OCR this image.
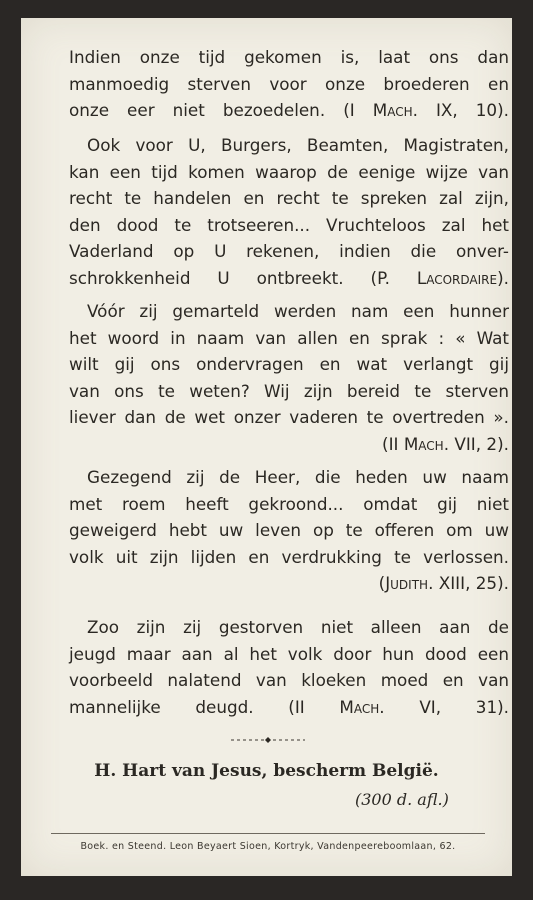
Indien onze tijd gekomen is, laat ons dan
manmoedig sterven voor onze broederen en
onze eer niet bezoedelen. (I Mach. IX, 10).

Ook voor U, Burgers, Beamten, Magistraten,
kan een tijd komen waarop de eenige wijze van
recht te handelen en recht te spreken zal zijn,
den dood te trotseeren... Vruchteloos zal het
Vaderland op U rekenen, indien die onver-
schrokkenheid U ontbreekt. (P. Lacordaire).

Vóór zij gemarteld werden nam een hunner
het woord in naam van allen en sprak : « Wat
wilt gij ons ondervragen en wat verlangt gij
van ons te weten? Wij zijn bereid te sterven
liever dan de wet onzer vaderen te overtreden ».
(II Mach. VII, 2).

Gezegend zij de Heer, die heden uw naam
met roem heeft gekroond... omdat gij niet
geweigerd hebt uw leven op te offeren om uw
volk uit zijn lijden en verdrukking te verlossen.
(Judith. XIII, 25).

Zoo zijn zij gestorven niet alleen aan de
jeugd maar aan al het volk door hun dood een
voorbeeld nalatend van kloeken moed en van
mannelijke deugd. (II Mach. VI, 31).

H. Hart van Jesus, bescherm België.
(300 d. afl.)
Boek. en Steend. Leon Beyaert Sioen, Kortryk, Vandenpeereboomlaan, 62.
